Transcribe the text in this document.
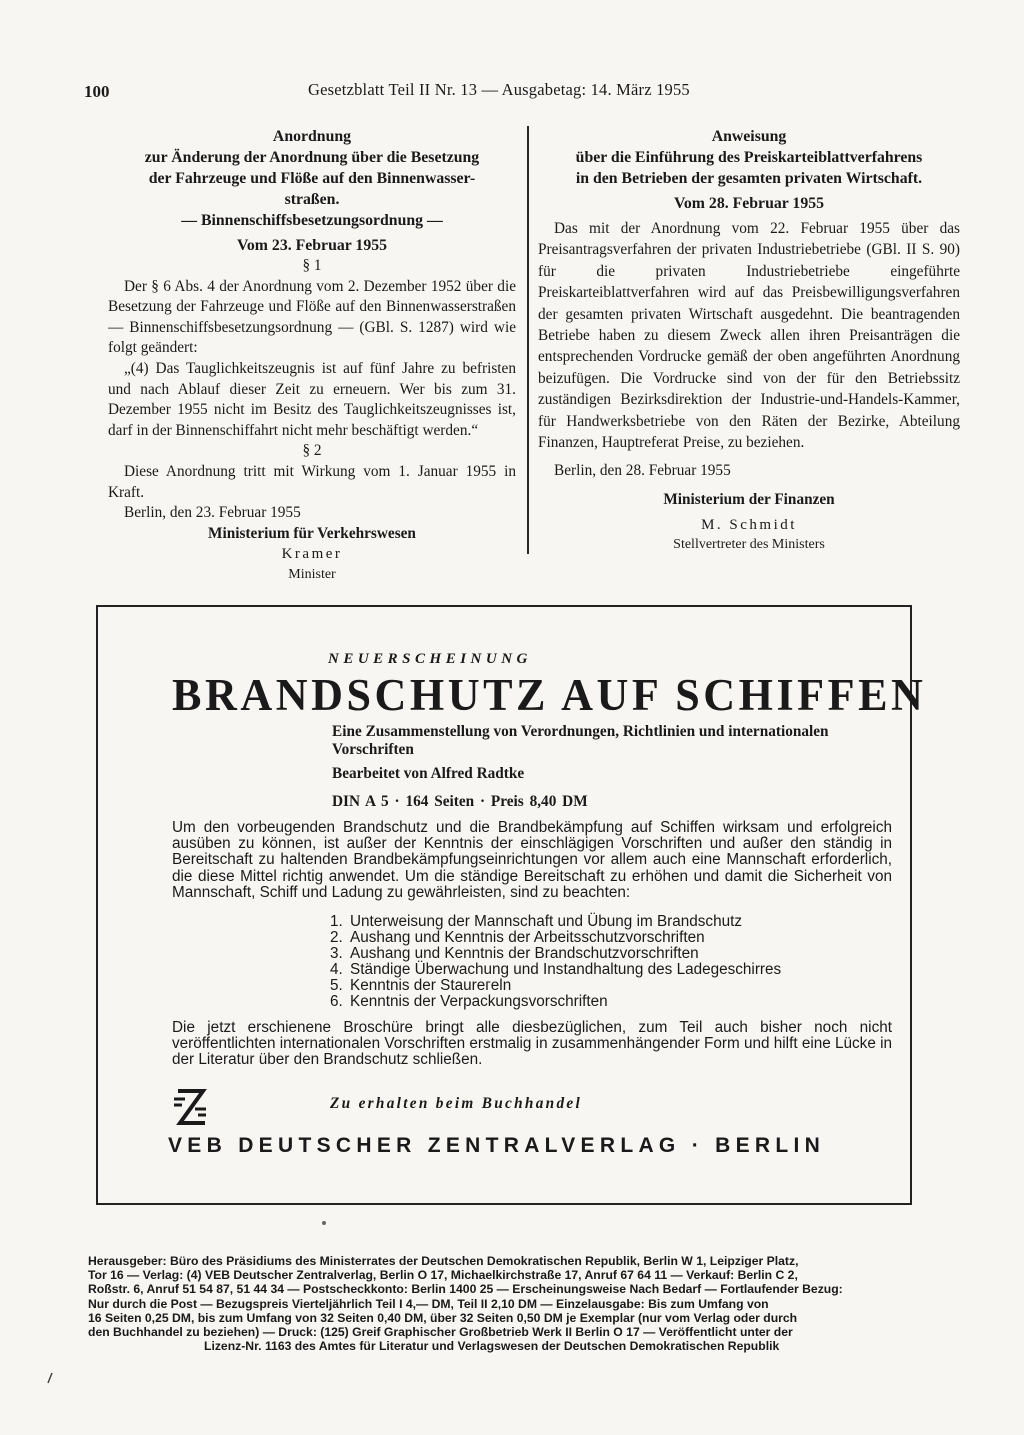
100	Gesetzblatt Teil II Nr. 13 — Ausgabetag: 14. März 1955
Anordnung
zur Änderung der Anordnung über die Besetzung
der Fahrzeuge und Flöße auf den Binnenwasser-
straßen.
— Binnenschiffsbesetzungsordnung —
Vom 23. Februar 1955
§ 1

Der § 6 Abs. 4 der Anordnung vom 2. Dezember 1952 über die Besetzung der Fahrzeuge und Flöße auf den Binnenwasserstraßen — Binnenschiffsbesetzungsordnung — (GBl. S. 1287) wird wie folgt geändert:

„(4) Das Tauglichkeitszeugnis ist auf fünf Jahre zu befristen und nach Ablauf dieser Zeit zu erneuern. Wer bis zum 31. Dezember 1955 nicht im Besitz des Tauglichkeitszeugnisses ist, darf in der Binnenschiffahrt nicht mehr beschäftigt werden.“

§ 2

Diese Anordnung tritt mit Wirkung vom 1. Januar 1955 in Kraft.

Berlin, den 23. Februar 1955

Ministerium für Verkehrswesen
Kramer
Minister
Anweisung
über die Einführung des Preiskarteiblattverfahrens
in den Betrieben der gesamten privaten Wirtschaft.
Vom 28. Februar 1955

Das mit der Anordnung vom 22. Februar 1955 über das Preisantragsverfahren der privaten Industriebetriebe (GBl. II S. 90) für die privaten Industriebetriebe eingeführte Preiskarteiblattverfahren wird auf das Preisbewilligungsverfahren der gesamten privaten Wirtschaft ausgedehnt. Die beantragenden Betriebe haben zu diesem Zweck allen ihren Preisanträgen die entsprechenden Vordrucke gemäß der oben angeführten Anordnung beizufügen. Die Vordrucke sind von der für den Betriebssitz zuständigen Bezirksdirektion der Industrie-und-Handels-Kammer, für Handwerksbetriebe von den Räten der Bezirke, Abteilung Finanzen, Hauptreferat Preise, zu beziehen.

Berlin, den 28. Februar 1955

Ministerium der Finanzen
M. Schmidt
Stellvertreter des Ministers
NEUERSCHEINUNG
BRANDSCHUTZ AUF SCHIFFEN
Eine Zusammenstellung von Verordnungen, Richtlinien und internationalen Vorschriften
Bearbeitet von Alfred Radtke
DIN A 5 · 164 Seiten · Preis 8,40 DM
Um den vorbeugenden Brandschutz und die Brandbekämpfung auf Schiffen wirksam und erfolgreich ausüben zu können, ist außer der Kenntnis der einschlägigen Vorschriften und außer den ständig in Bereitschaft zu haltenden Brandbekämpfungseinrichtungen vor allem auch eine Mannschaft erforderlich, die diese Mittel richtig anwendet. Um die ständige Bereitschaft zu erhöhen und damit die Sicherheit von Mannschaft, Schiff und Ladung zu gewährleisten, sind zu beachten:
1. Unterweisung der Mannschaft und Übung im Brandschutz
2. Aushang und Kenntnis der Arbeitsschutzvorschriften
3. Aushang und Kenntnis der Brandschutzvorschriften
4. Ständige Überwachung und Instandhaltung des Ladegeschirres
5. Kenntnis der Staurегeln
6. Kenntnis der Verpackungsvorschriften
Die jetzt erschienene Broschüre bringt alle diesbezüglichen, zum Teil auch bisher noch nicht veröffentlichten internationalen Vorschriften erstmalig in zusammenhängender Form und hilft eine Lücke in der Literatur über den Brandschutz schließen.
Zu erhalten beim Buchhandel
VEB DEUTSCHER ZENTRALVERLAG · BERLIN
Herausgeber: Büro des Präsidiums des Ministerrates der Deutschen Demokratischen Republik, Berlin W 1, Leipziger Platz,
Tor 16 — Verlag: (4) VEB Deutscher Zentralverlag, Berlin O 17, Michaelkirchstraße 17, Anruf 67 64 11 — Verkauf: Berlin C 2,
Roßstr. 6, Anruf 51 54 87, 51 44 34 — Postscheckkonto: Berlin 1400 25 — Erscheinungsweise Nach Bedarf — Fortlaufender Bezug:
Nur durch die Post — Bezugspreis Vierteljährlich Teil I 4,— DM, Teil II 2,10 DM — Einzelausgabe: Bis zum Umfang von
16 Seiten 0,25 DM, bis zum Umfang von 32 Seiten 0,40 DM, über 32 Seiten 0,50 DM je Exemplar (nur vom Verlag oder durch
den Buchhandel zu beziehen) — Druck: (125) Greif Graphischer Großbetrieb Werk II Berlin O 17 — Veröffentlicht unter der
Lizenz-Nr. 1163 des Amtes für Literatur und Verlagswesen der Deutschen Demokratischen Republik
